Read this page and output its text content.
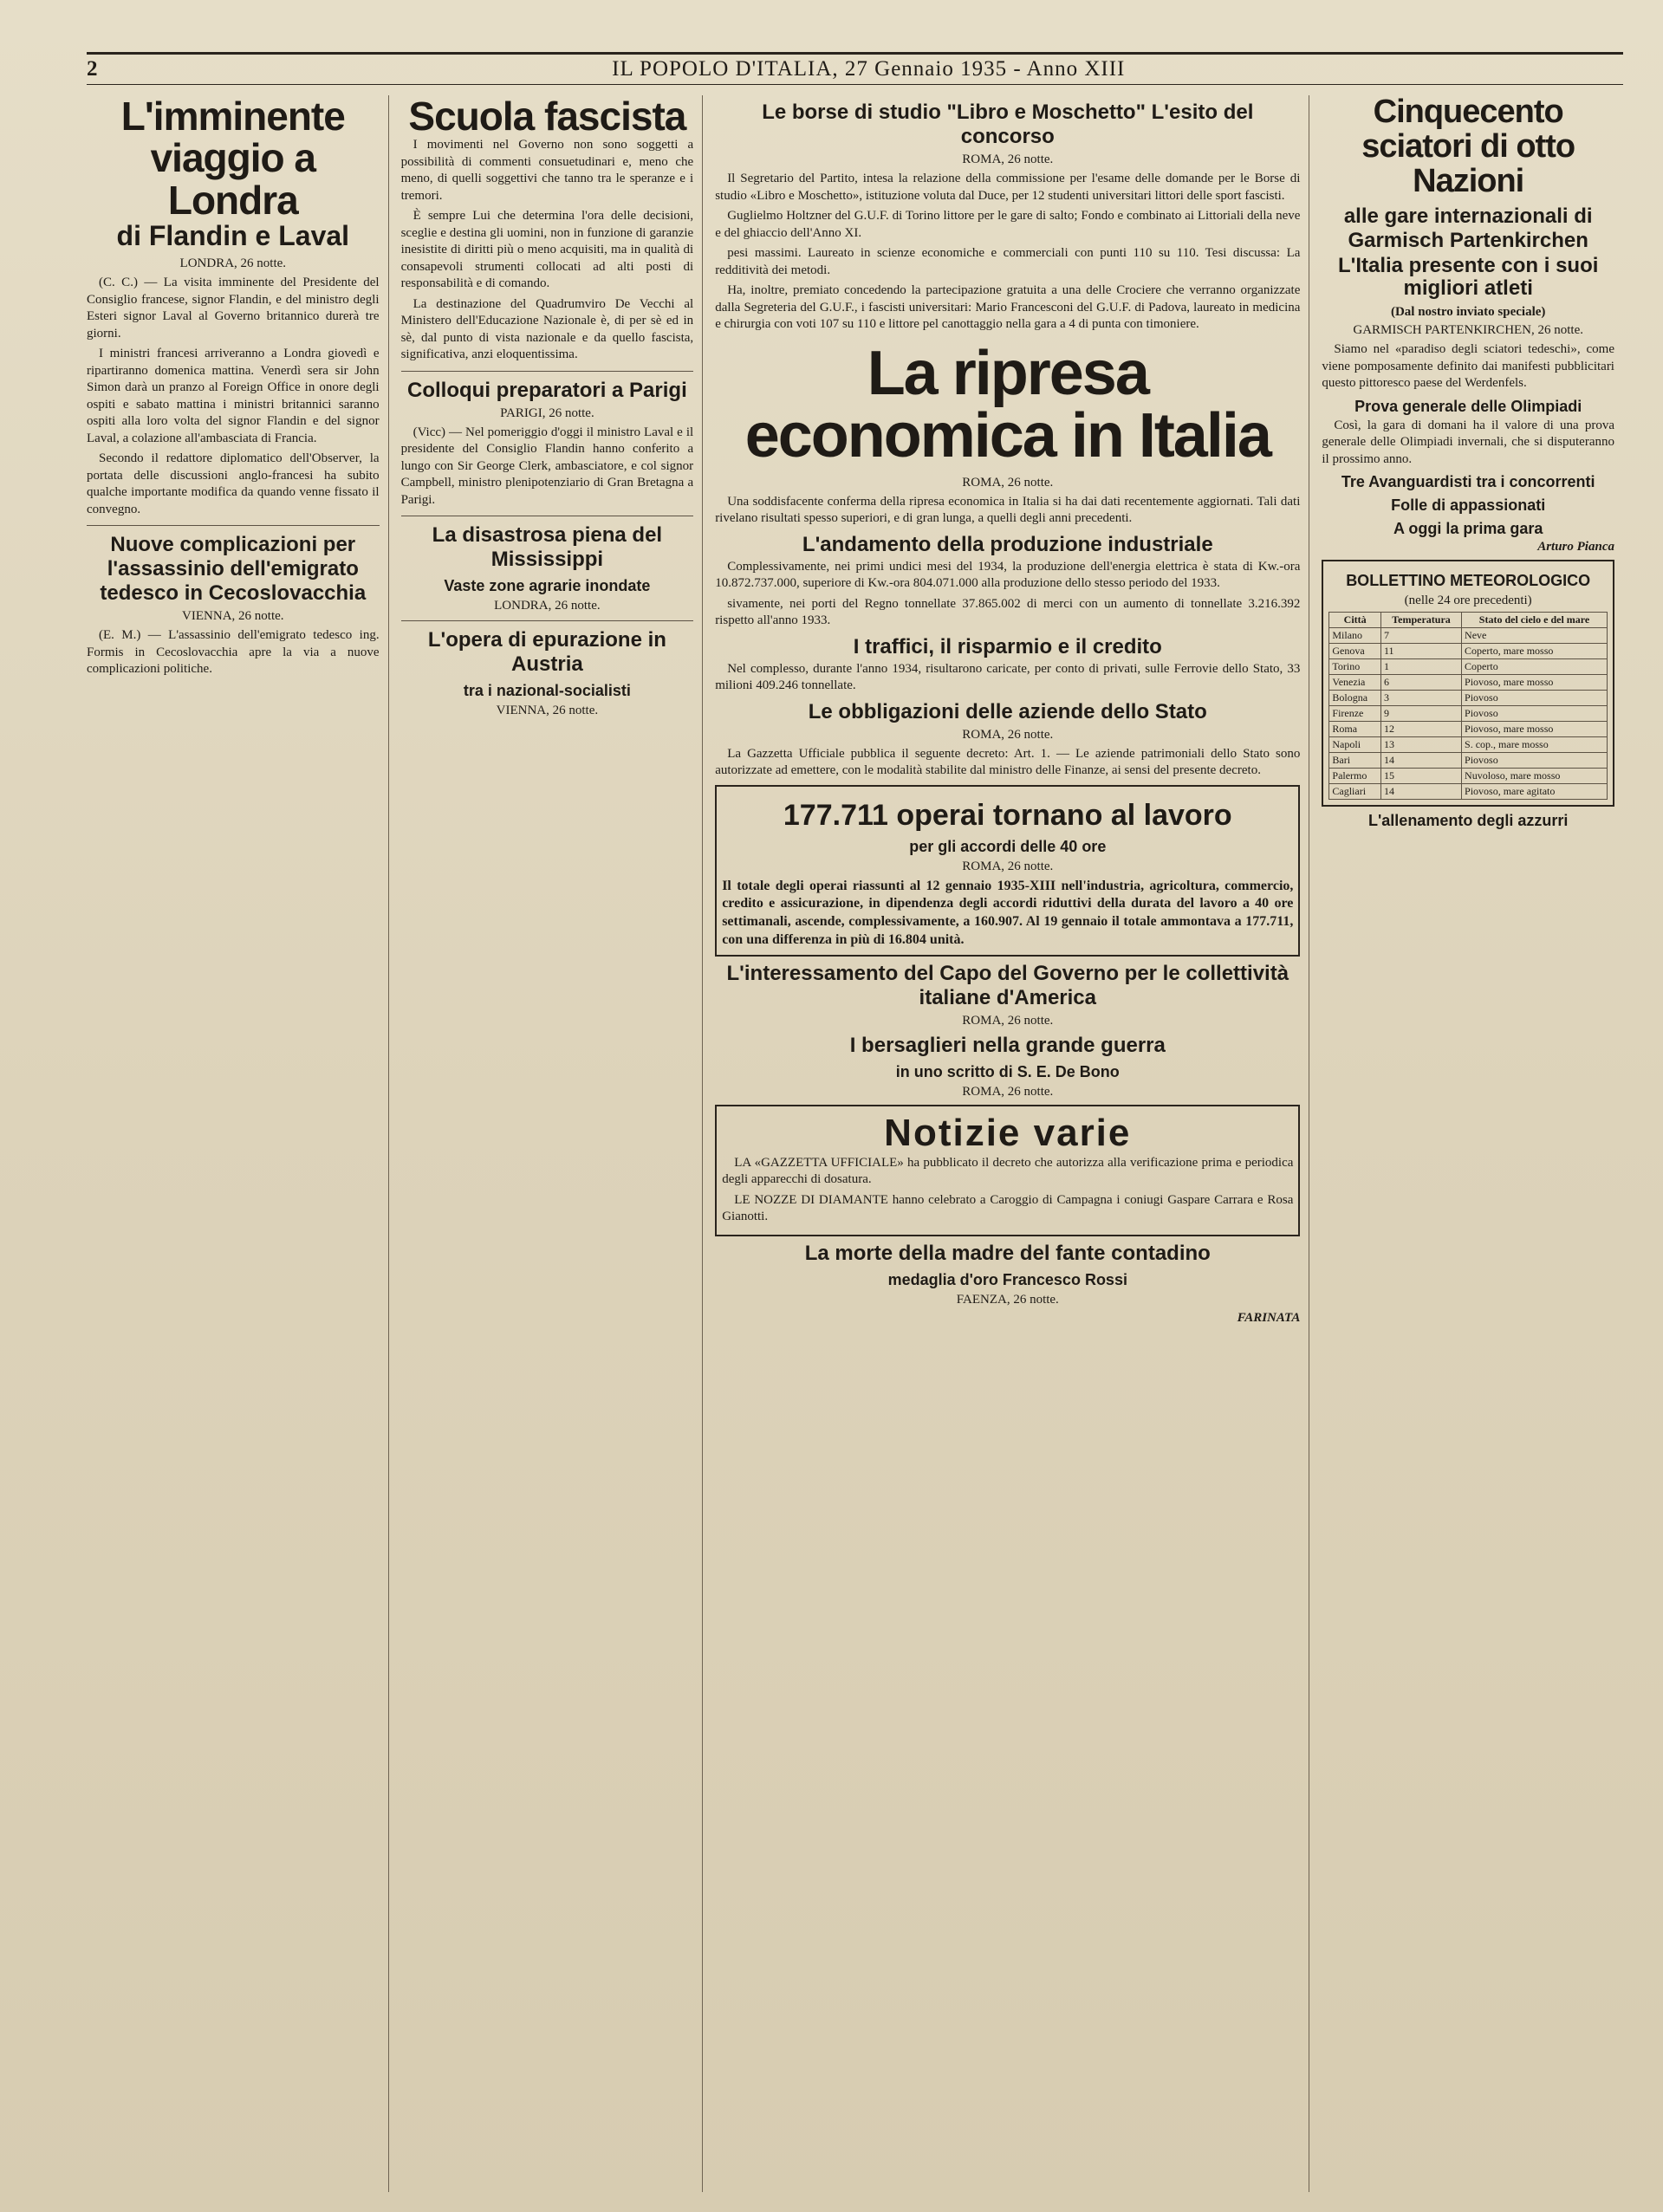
2	IL POPOLO D'ITALIA, 27 Gennaio 1935 - Anno XIII
L'imminente viaggio a Londra
di Flandin e Laval
LONDRA, 26 notte.

(C. C.) — La visita imminente del Presidente del Consiglio francese, signor Flandin, e del ministro degli Esteri signor Laval al Governo britannico durerà tre giorni.

I ministri francesi arriveranno a Londra giovedì e ripartiranno domenica mattina. Venerdì sera sir John Simon darà un pranzo al Foreign Office in onore degli ospiti e sabato mattina i ministri britannici saranno ospiti alla loro volta del signor Flandin e del signor Laval, a colazione all'ambasciata di Francia.

Secondo il redattore diplomatico dell'Observer, la portata delle discussioni anglo-francesi ha subito qualche importante modifica da quando venne fissato il convegno.

Nuove complicazioni per l'assassinio dell'emigrato tedesco in Cecoslovacchia
VIENNA, 26 notte.

(E. M.) — L'assassinio dell'emigrato tedesco ing. Formis in Cecoslovacchia apre la via a nuove complicazioni politiche.

Scuola fascista

I movimenti nel Governo non sono soggetti a possibilità di commenti consuetudinari e, meno che meno, di quelli soggettivi che tanno tra le speranze e i tremori.

È sempre Lui che determina l'ora delle decisioni, sceglie e destina gli uomini, non in funzione di garanzie inesistite di diritti più o meno acquisiti, ma in qualità di consapevoli strumenti collocati ad alti posti di responsabilità e di comando.

La destinazione del Quadrumviro De Vecchi al Ministero dell'Educazione Nazionale è, di per sè ed in sè, dal punto di vista nazionale e da quello fascista, significativa, anzi eloquentissima.

Colloqui preparatori a Parigi
PARIGI, 26 notte.

(Vicc) — Nel pomeriggio d'oggi il ministro Laval e il presidente del Consiglio Flandin hanno conferito a lungo con Sir George Clerk, ambasciatore, e col signor Campbell, ministro plenipotenziario di Gran Bretagna a Parigi.

La disastrosa piena del Mississippi
Vaste zone agrarie inondate
LONDRA, 26 notte.
L'opera di epurazione in Austria
tra i nazional-socialisti
VIENNA, 26 notte.
Le borse di studio "Libro e Moschetto" L'esito del concorso
ROMA, 26 notte.

Il Segretario del Partito, intesa la relazione della commissione per l'esame delle domande per le Borse di studio «Libro e Moschetto», istituzione voluta dal Duce, per 12 studenti universitari littori delle sport fascisti.

Guglielmo Holtzner del G.U.F. di Torino littore per le gare di salto; Fondo e combinato ai Littoriali della neve e del ghiaccio dell'Anno XI.

pesi massimi. Laureato in scienze economiche e commerciali con punti 110 su 110. Tesi discussa: La redditività dei metodi.

Ha, inoltre, premiato concedendo la partecipazione gratuita a una delle Crociere che verranno organizzate dalla Segreteria del G.U.F., i fascisti universitari: Mario Francesconi del G.U.F. di Padova, laureato in medicina e chirurgia con voti 107 su 110 e littore pel canottaggio nella gara a 4 di punta con timoniere.

La ripresa economica in Italia
ROMA, 26 notte.

Una soddisfacente conferma della ripresa economica in Italia si ha dai dati recentemente aggiornati. Tali dati rivelano risultati spesso superiori, e di gran lunga, a quelli degli anni precedenti.

L'andamento della produzione industriale

Complessivamente, nei primi undici mesi del 1934, la produzione dell'energia elettrica è stata di Kw.-ora 10.872.737.000, superiore di Kw.-ora 804.071.000 alla produzione dello stesso periodo del 1933.

sivamente, nei porti del Regno tonnellate 37.865.002 di merci con un aumento di tonnellate 3.216.392 rispetto all'anno 1933.

I traffici, il risparmio e il credito

Nel complesso, durante l'anno 1934, risultarono caricate, per conto di privati, sulle Ferrovie dello Stato, 33 milioni 409.246 tonnellate.

Le obbligazioni delle aziende dello Stato
ROMA, 26 notte.

La Gazzetta Ufficiale pubblica il seguente decreto: Art. 1. — Le aziende patrimoniali dello Stato sono autorizzate ad emettere, con le modalità stabilite dal ministro delle Finanze, ai sensi del presente decreto.

177.711 operai tornano al lavoro
per gli accordi delle 40 ore
ROMA, 26 notte.
Il totale degli operai riassunti al 12 gennaio 1935-XIII nell'industria, agricoltura, commercio, credito e assicurazione, in dipendenza degli accordi riduttivi della durata del lavoro a 40 ore settimanali, ascende, complessivamente, a 160.907. Al 19 gennaio il totale ammontava a 177.711, con una differenza in più di 16.804 unità.
L'interessamento del Capo del Governo per le collettività italiane d'America
ROMA, 26 notte.
I bersaglieri nella grande guerra
in uno scritto di S. E. De Bono
ROMA, 26 notte.
Notizie varie

LA «GAZZETTA UFFICIALE» ha pubblicato il decreto che autorizza alla verificazione prima e periodica degli apparecchi di dosatura.

LE NOZZE DI DIAMANTE hanno celebrato a Caroggio di Campagna i coniugi Gaspare Carrara e Rosa Gianotti.

La morte della madre del fante contadino
medaglia d'oro Francesco Rossi
FAENZA, 26 notte.
FARINATA
Cinquecento sciatori di otto Nazioni
alle gare internazionali di Garmisch Partenkirchen
L'Italia presente con i suoi migliori atleti
(Dal nostro inviato speciale)
GARMISCH PARTENKIRCHEN, 26 notte.

Siamo nel «paradiso degli sciatori tedeschi», come viene pomposamente definito dai manifesti pubblicitari questo pittoresco paese del Werdenfels.

Prova generale delle Olimpiadi

Così, la gara di domani ha il valore di una prova generale delle Olimpiadi invernali, che si disputeranno il prossimo anno.

Tre Avanguardisti tra i concorrenti
Folle di appassionati
A oggi la prima gara
Arturo Pianca
BOLLETTINO METEOROLOGICO
(nelle 24 ore precedenti)
Città	Temperatura	Stato del cielo e del mare
Milano	7	Neve
Genova	11	Coperto, mare mosso
Torino	1	Coperto
Venezia	6	Piovoso, mare mosso
Bologna	3	Piovoso
Firenze	9	Piovoso
Roma	12	Piovoso, mare mosso
Napoli	13	S. cop., mare mosso
Bari	14	Piovoso
Palermo	15	Nuvoloso, mare mosso
Cagliari	14	Piovoso, mare agitato
L'allenamento degli azzurri
